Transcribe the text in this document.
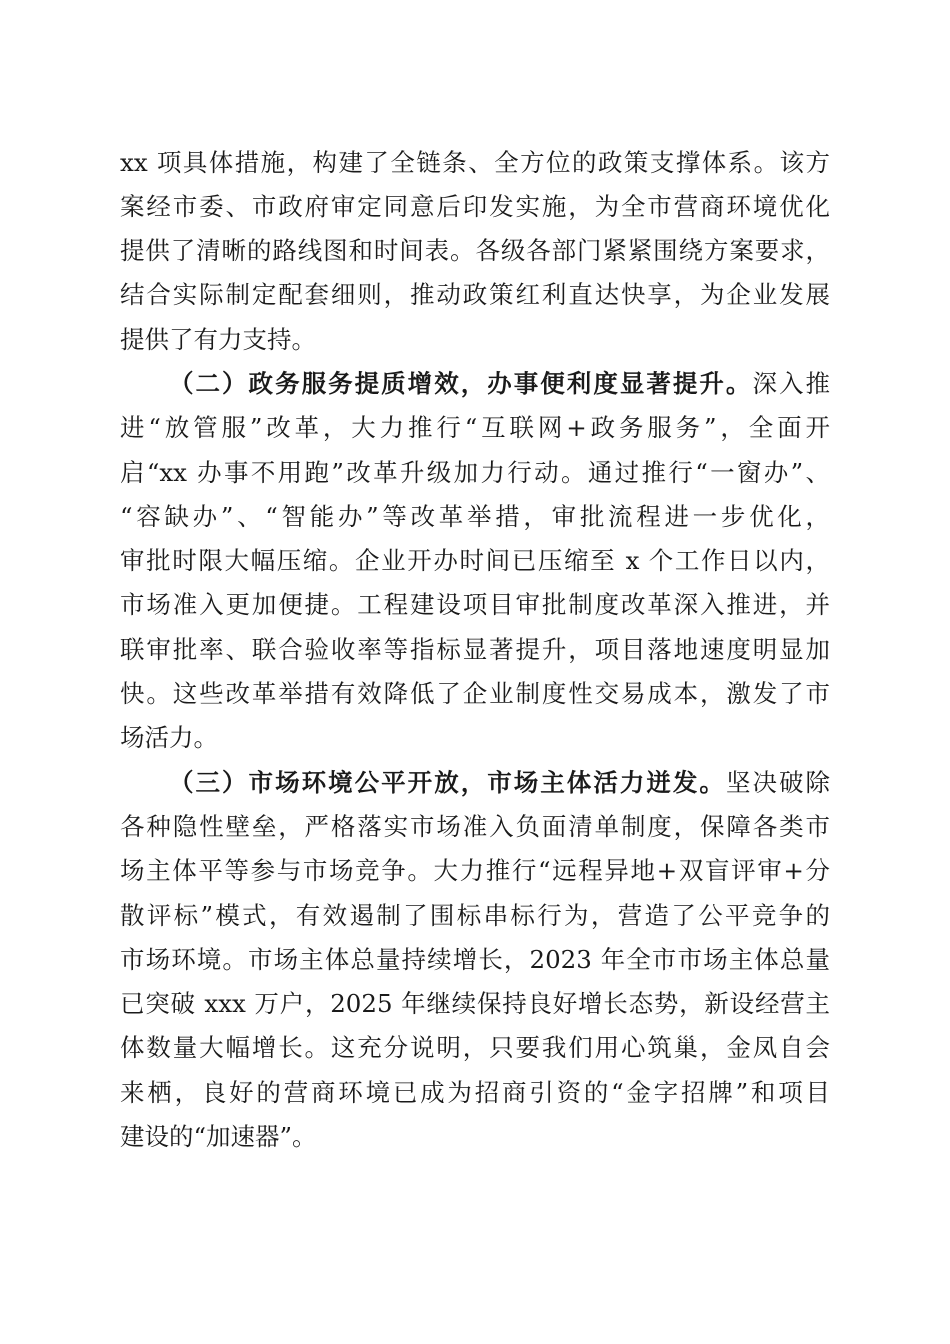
xx 项具体措施，构建了全链条、全方位的政策支撑体系。该方

案经市委、市政府审定同意后印发实施，为全市营商环境优化

提供了清晰的路线图和时间表。各级各部门紧紧围绕方案要求，

结合实际制定配套细则，推动政策红利直达快享，为企业发展

提供了有力支持。

（二）政务服务提质增效，办事便利度显著提升。深入推

进“放管服”改革，大力推行“互联网+政务服务”，全面开

启“xx 办事不用跑”改革升级加力行动。通过推行“一窗办”、

“容缺办”、“智能办”等改革举措，审批流程进一步优化，

审批时限大幅压缩。企业开办时间已压缩至 x 个工作日以内，

市场准入更加便捷。工程建设项目审批制度改革深入推进，并

联审批率、联合验收率等指标显著提升，项目落地速度明显加

快。这些改革举措有效降低了企业制度性交易成本，激发了市

场活力。

（三）市场环境公平开放，市场主体活力迸发。坚决破除

各种隐性壁垒，严格落实市场准入负面清单制度，保障各类市

场主体平等参与市场竞争。大力推行“远程异地+双盲评审+分

散评标”模式，有效遏制了围标串标行为，营造了公平竞争的

市场环境。市场主体总量持续增长，2023 年全市市场主体总量

已突破 xxx 万户，2025 年继续保持良好增长态势，新设经营主

体数量大幅增长。这充分说明，只要我们用心筑巢，金凤自会

来栖，良好的营商环境已成为招商引资的“金字招牌”和项目

建设的“加速器”。
